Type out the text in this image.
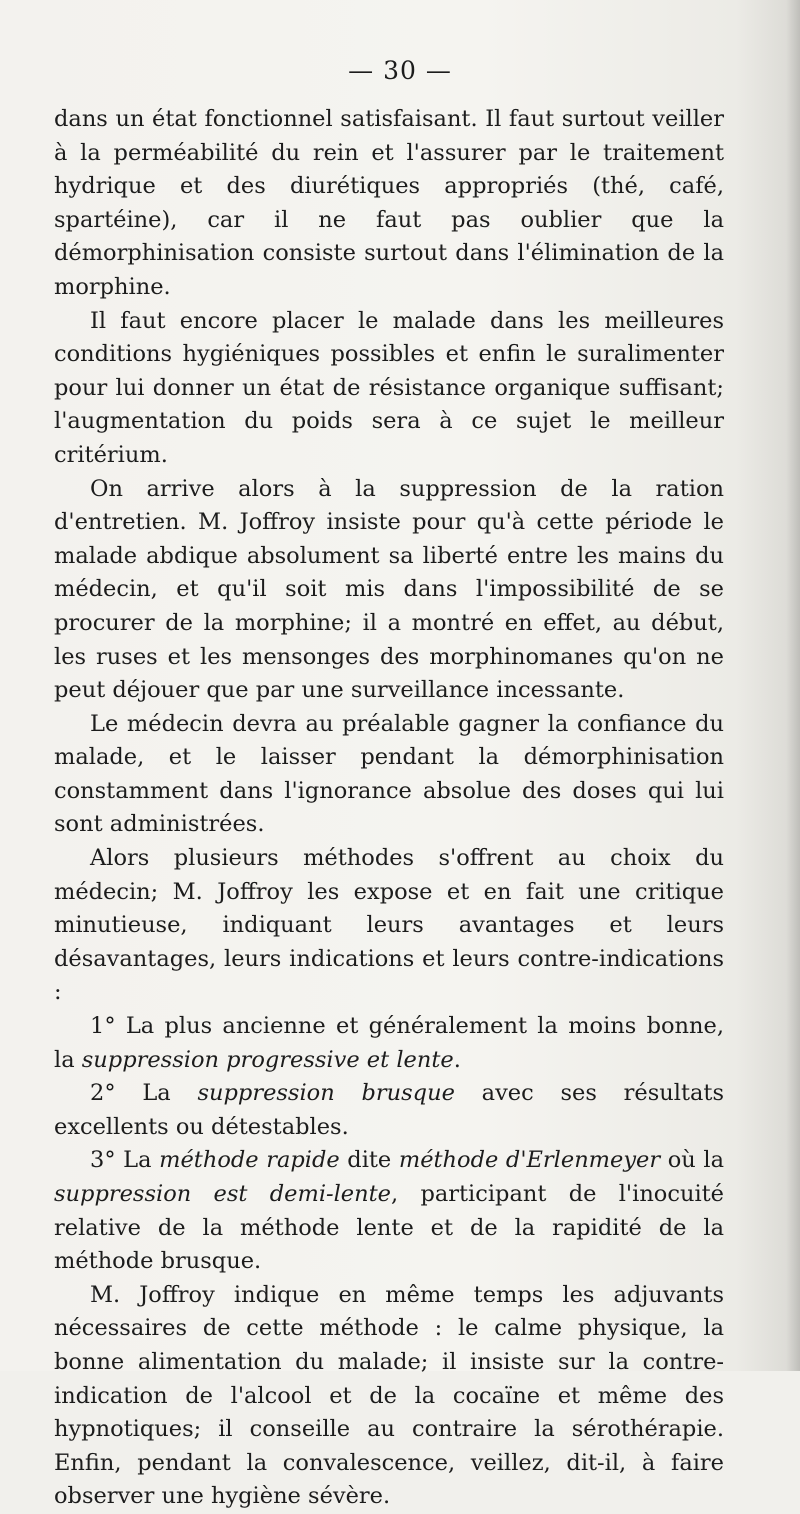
— 30 —

dans un état fonctionnel satisfaisant. Il faut surtout veiller à la perméabilité du rein et l'assurer par le traitement hydrique et des diurétiques appropriés (thé, café, spartéine), car il ne faut pas oublier que la démorphinisation consiste surtout dans l'élimination de la morphine.

Il faut encore placer le malade dans les meilleures conditions hygiéniques possibles et enfin le suralimenter pour lui donner un état de résistance organique suffisant; l'augmentation du poids sera à ce sujet le meilleur critérium.

On arrive alors à la suppression de la ration d'entretien. M. Joffroy insiste pour qu'à cette période le malade abdique absolument sa liberté entre les mains du médecin, et qu'il soit mis dans l'impossibilité de se procurer de la morphine; il a montré en effet, au début, les ruses et les mensonges des morphinomanes qu'on ne peut déjouer que par une surveillance incessante.

Le médecin devra au préalable gagner la confiance du malade, et le laisser pendant la démorphinisation constamment dans l'ignorance absolue des doses qui lui sont administrées.

Alors plusieurs méthodes s'offrent au choix du médecin; M. Joffroy les expose et en fait une critique minutieuse, indiquant leurs avantages et leurs désavantages, leurs indications et leurs contre-indications :

1° La plus ancienne et généralement la moins bonne, la suppression progressive et lente.

2° La suppression brusque avec ses résultats excellents ou détestables.

3° La méthode rapide dite méthode d'Erlenmeyer où la suppression est demi-lente, participant de l'inocuité relative de la méthode lente et de la rapidité de la méthode brusque.

M. Joffroy indique en même temps les adjuvants nécessaires de cette méthode : le calme physique, la bonne alimentation du malade; il insiste sur la contre-indication de l'alcool et de la cocaïne et même des hypnotiques; il conseille au contraire la sérothérapie. Enfin, pendant la convalescence, veillez, dit-il, à faire observer une hygiène sévère.
